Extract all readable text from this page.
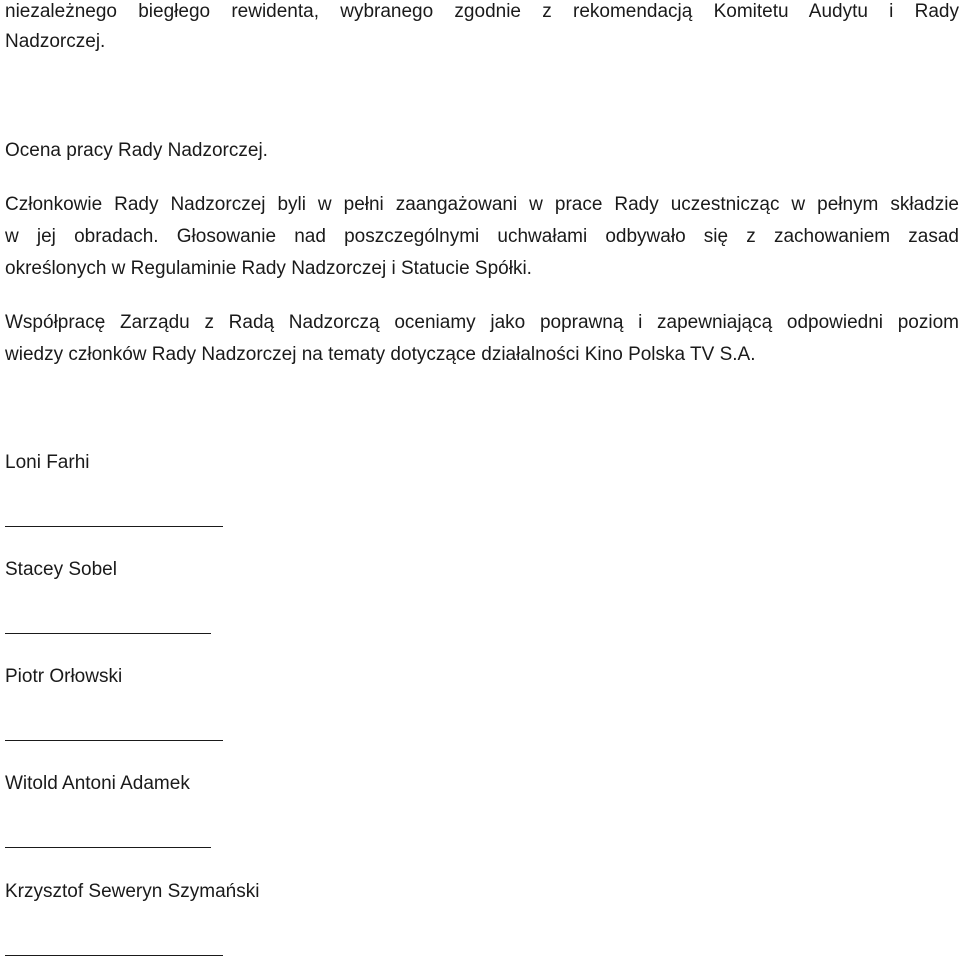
niezależnego biegłego rewidenta, wybranego zgodnie z rekomendacją Komitetu Audytu i Rady

Nadzorczej.

Ocena pracy Rady Nadzorczej.

Członkowie Rady Nadzorczej byli w pełni zaangażowani w prace Rady uczestnicząc w pełnym składzie

w jej obradach. Głosowanie nad poszczególnymi uchwałami odbywało się z zachowaniem zasad

określonych w Regulaminie Rady Nadzorczej i Statucie Spółki.

Współpracę Zarządu z Radą Nadzorczą oceniamy jako poprawną i zapewniającą odpowiedni poziom

wiedzy członków Rady Nadzorczej na tematy dotyczące działalności Kino Polska TV S.A.

Loni Farhi

Stacey Sobel

Piotr Orłowski

Witold Antoni Adamek

Krzysztof Seweryn Szymański
